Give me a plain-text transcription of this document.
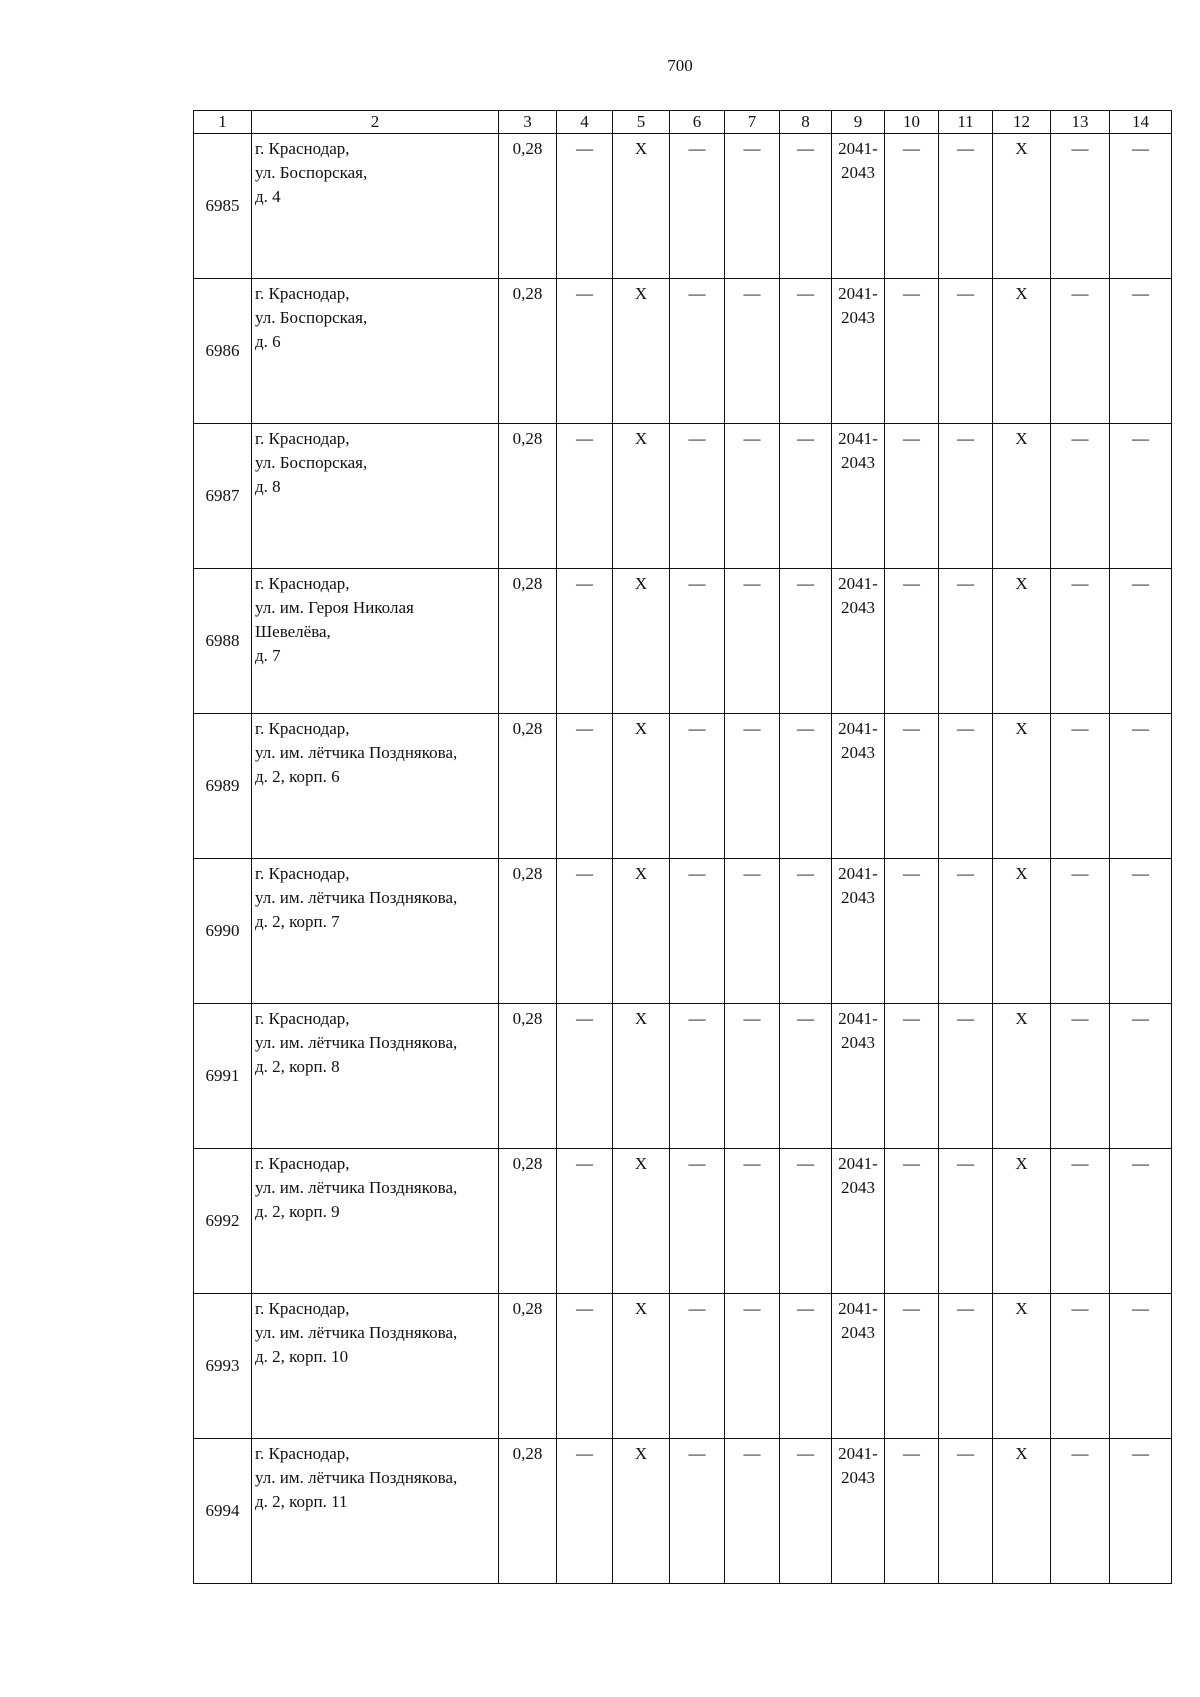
700
1	2	3	4	5	6	7	8	9	10	11	12	13	14
6985	г. Краснодар,
ул. Боспорская,
д. 4	0,28	—	X	—	—	—	2041-
2043	—	—	X	—	—
6986	г. Краснодар,
ул. Боспорская,
д. 6	0,28	—	X	—	—	—	2041-
2043	—	—	X	—	—
6987	г. Краснодар,
ул. Боспорская,
д. 8	0,28	—	X	—	—	—	2041-
2043	—	—	X	—	—
6988	г. Краснодар,
ул. им. Героя Николая
Шевелёва,
д. 7	0,28	—	X	—	—	—	2041-
2043	—	—	X	—	—
6989	г. Краснодар,
ул. им. лётчика Позднякова,
д. 2, корп. 6	0,28	—	X	—	—	—	2041-
2043	—	—	X	—	—
6990	г. Краснодар,
ул. им. лётчика Позднякова,
д. 2, корп. 7	0,28	—	X	—	—	—	2041-
2043	—	—	X	—	—
6991	г. Краснодар,
ул. им. лётчика Позднякова,
д. 2, корп. 8	0,28	—	X	—	—	—	2041-
2043	—	—	X	—	—
6992	г. Краснодар,
ул. им. лётчика Позднякова,
д. 2, корп. 9	0,28	—	X	—	—	—	2041-
2043	—	—	X	—	—
6993	г. Краснодар,
ул. им. лётчика Позднякова,
д. 2, корп. 10	0,28	—	X	—	—	—	2041-
2043	—	—	X	—	—
6994	г. Краснодар,
ул. им. лётчика Позднякова,
д. 2, корп. 11	0,28	—	X	—	—	—	2041-
2043	—	—	X	—	—
